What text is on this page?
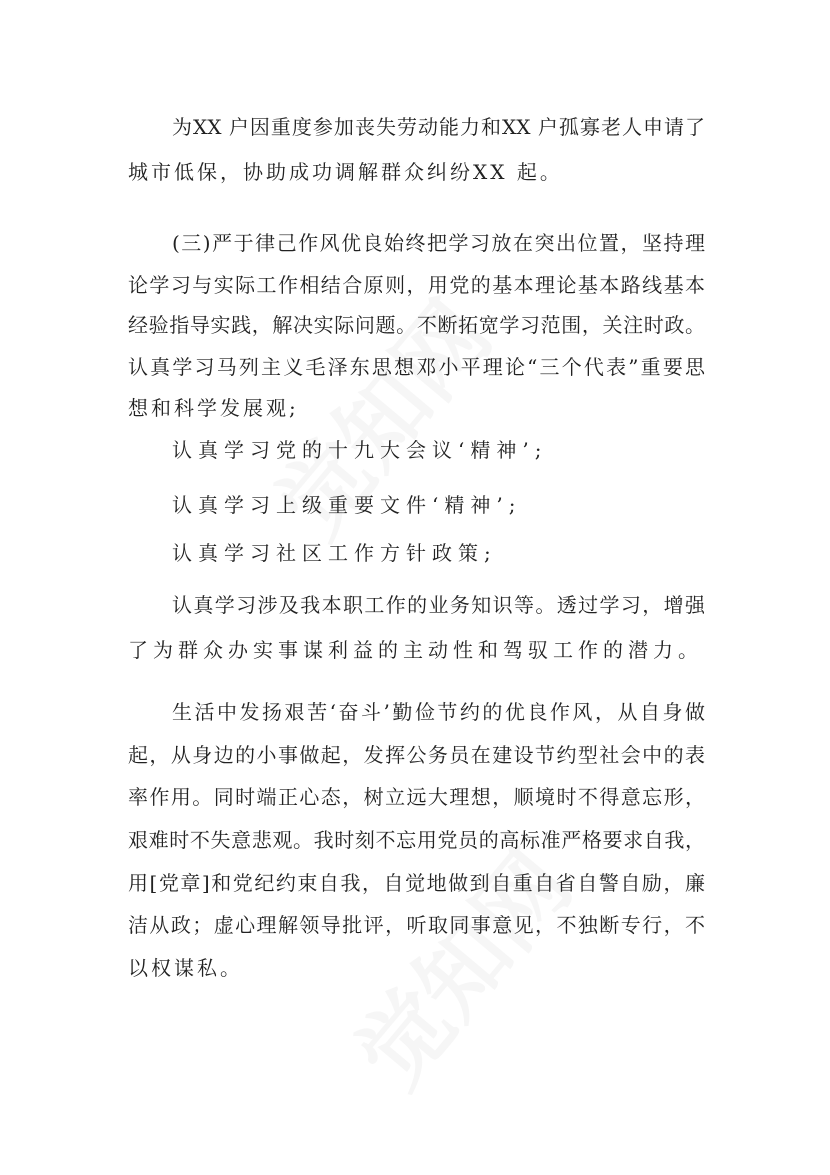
为XX 户因重度参加丧失劳动能力和XX 户孤寡老人申请了
城市低保，协助成功调解群众纠纷XX 起。
(三)严于律己作风优良始终把学习放在突出位置，坚持理
论学习与实际工作相结合原则，用党的基本理论基本路线基本
经验指导实践，解决实际问题。不断拓宽学习范围，关注时政。
认真学习马列主义毛泽东思想邓小平理论“三个代表”重要思
想和科学发展观;
认真学习党的十九大会议‘精神’;
认真学习上级重要文件‘精神’;
认真学习社区工作方针政策;
认真学习涉及我本职工作的业务知识等。透过学习，增强
了为群众办实事谋利益的主动性和驾驭工作的潜力。
生活中发扬艰苦‘奋斗’勤俭节约的优良作风，从自身做
起，从身边的小事做起，发挥公务员在建设节约型社会中的表
率作用。同时端正心态，树立远大理想，顺境时不得意忘形，
艰难时不失意悲观。我时刻不忘用党员的高标准严格要求自我，
用[党章]和党纪约束自我，自觉地做到自重自省自警自励，廉
洁从政；虚心理解领导批评，听取同事意见，不独断专行，不
以权谋私。
